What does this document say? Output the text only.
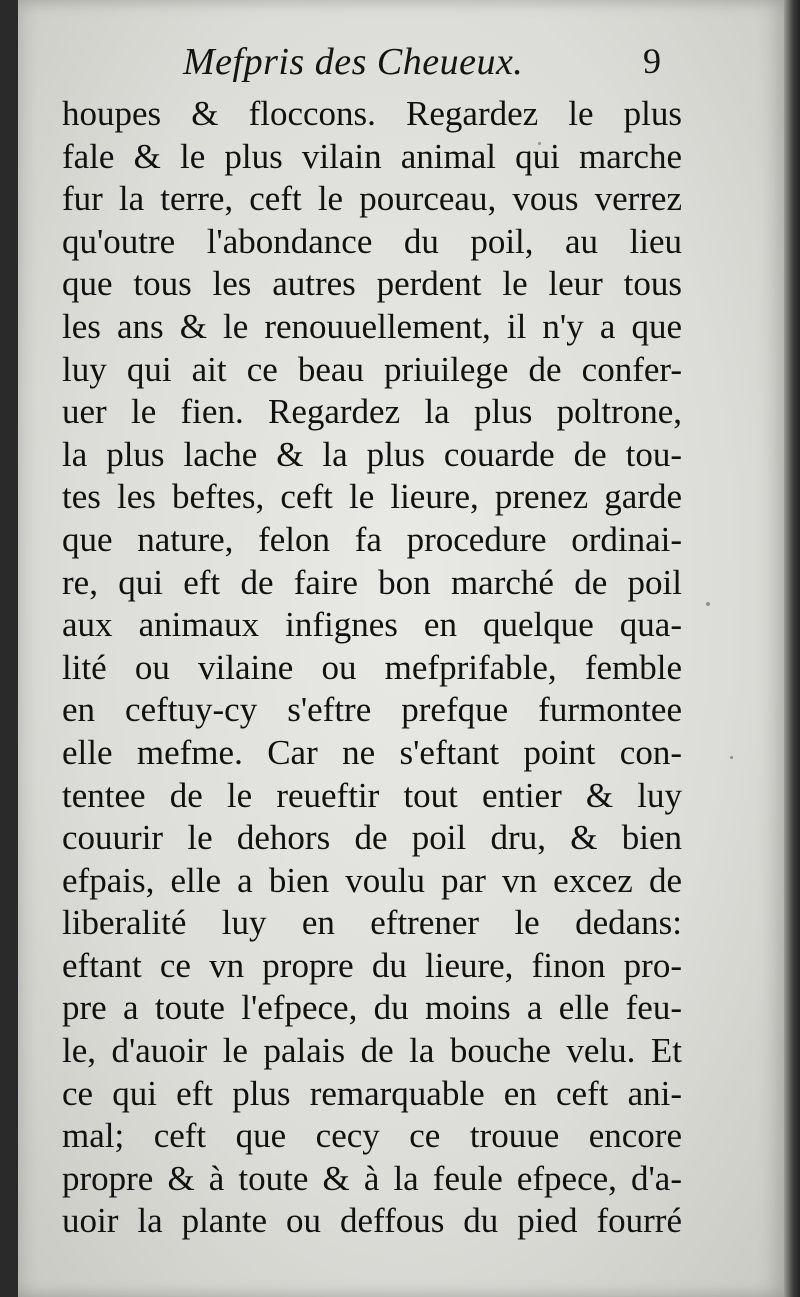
Mefpris des Cheueux.	9
houpes & floccons. Regardez le plus
fale & le plus vilain animal qui marche
fur la terre, ceft le pourceau, vous verrez
qu'outre l'abondance du poil, au lieu
que tous les autres perdent le leur tous
les ans & le renouuellement, il n'y a que
luy qui ait ce beau priuilege de confer-
uer le fien. Regardez la plus poltrone,
la plus lache & la plus couarde de tou-
tes les beftes, ceft le lieure, prenez garde
que nature, felon fa procedure ordinai-
re, qui eft de faire bon marché de poil
aux animaux infignes en quelque qua-
lité ou vilaine ou mefprifable, femble
en ceftuy-cy s'eftre prefque furmontee
elle mefme. Car ne s'eftant point con-
tentee de le reueftir tout entier & luy
couurir le dehors de poil dru, & bien
efpais, elle a bien voulu par vn excez de
liberalité luy en eftrener le dedans:
eftant ce vn propre du lieure, finon pro-
pre a toute l'efpece, du moins a elle feu-
le, d'auoir le palais de la bouche velu. Et
ce qui eft plus remarquable en ceft ani-
mal; ceft que cecy ce trouue encore
propre & à toute & à la feule efpece, d'a-
uoir la plante ou deffous du pied fourré
